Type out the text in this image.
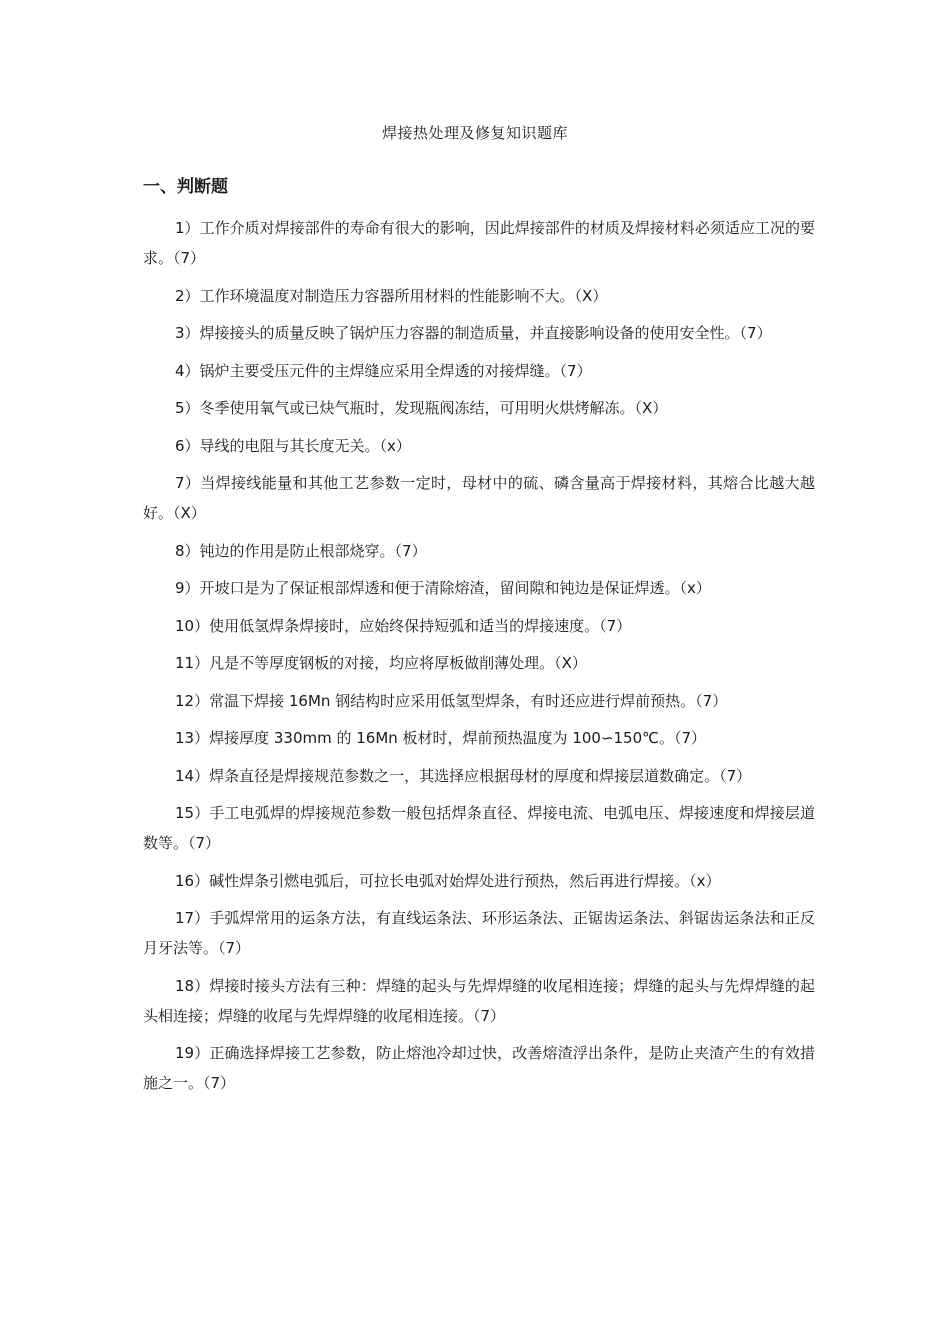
焊接热处理及修复知识题库
一、判断题

1）工作介质对焊接部件的寿命有很大的影响，因此焊接部件的材质及焊接材料必须适应工况的要求。（7）

2）工作环境温度对制造压力容器所用材料的性能影响不大。（X）

3）焊接接头的质量反映了锅炉压力容器的制造质量，并直接影响设备的使用安全性。（7）

4）锅炉主要受压元件的主焊缝应采用全焊透的对接焊缝。（7）

5）冬季使用氧气或已炔气瓶时，发现瓶阀冻结，可用明火烘烤解冻。（X）

6）导线的电阻与其长度无关。（x）

7）当焊接线能量和其他工艺参数一定时，母材中的硫、磷含量高于焊接材料，其熔合比越大越好。（X）

8）钝边的作用是防止根部烧穿。（7）

9）开坡口是为了保证根部焊透和便于清除熔渣，留间隙和钝边是保证焊透。（x）

10）使用低氢焊条焊接时，应始终保持短弧和适当的焊接速度。（7）

11）凡是不等厚度钢板的对接，均应将厚板做削薄处理。（X）

12）常温下焊接 16Mn 钢结构时应采用低氢型焊条，有时还应进行焊前预热。（7）

13）焊接厚度 330mm 的 16Mn 板材时，焊前预热温度为 100∽150℃。（7）

14）焊条直径是焊接规范参数之一，其选择应根据母材的厚度和焊接层道数确定。（7）

15）手工电弧焊的焊接规范参数一般包括焊条直径、焊接电流、电弧电压、焊接速度和焊接层道数等。（7）

16）碱性焊条引燃电弧后，可拉长电弧对始焊处进行预热，然后再进行焊接。（x）

17）手弧焊常用的运条方法，有直线运条法、环形运条法、正锯齿运条法、斜锯齿运条法和正反月牙法等。（7）

18）焊接时接头方法有三种：焊缝的起头与先焊焊缝的收尾相连接；焊缝的起头与先焊焊缝的起头相连接；焊缝的收尾与先焊焊缝的收尾相连接。（7）

19）正确选择焊接工艺参数，防止熔池冷却过快，改善熔渣浮出条件，是防止夹渣产生的有效措施之一。（7）
